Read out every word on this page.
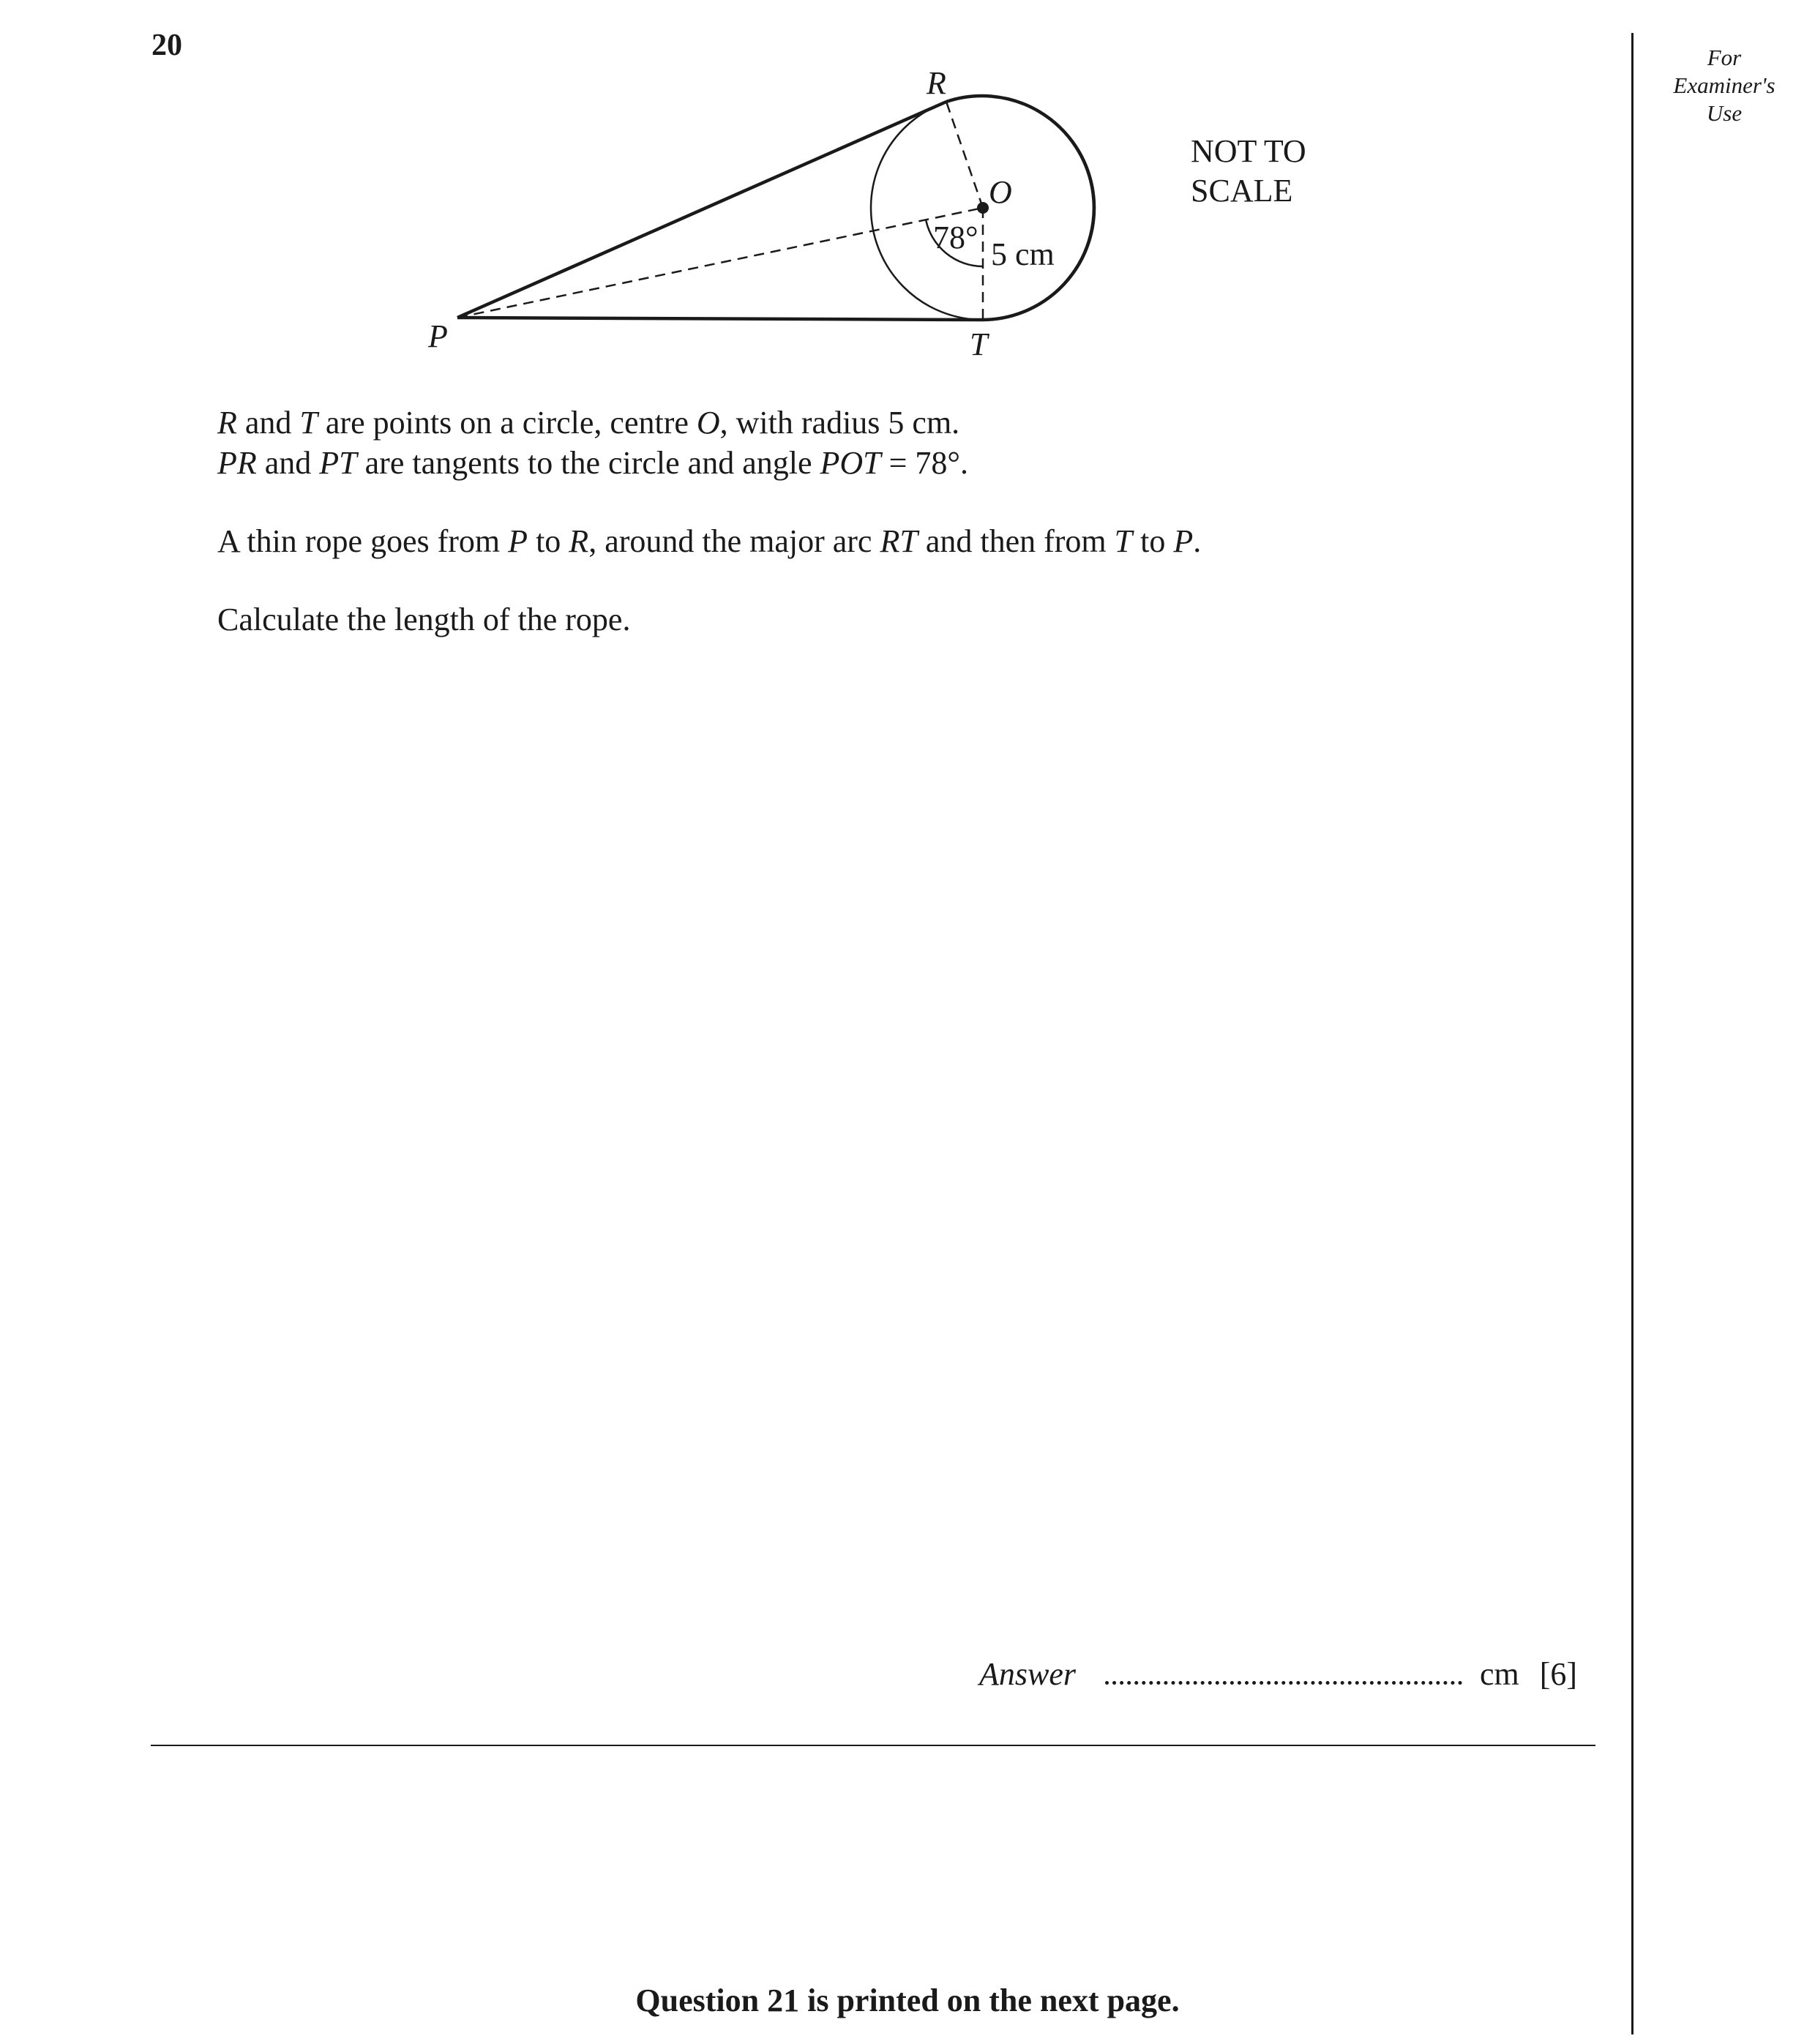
20	For
Examiner's
Use
R
O
P	T
78° 5 cm
NOT TO
SCALE

R and T are points on a circle, centre O, with radius 5 cm.

PR and PT are tangents to the circle and angle POT = 78°.

A thin rope goes from P to R, around the major arc RT and then from T to P.

Calculate the length of the rope.

Answer	cm [6]
Question 21 is printed on the next page.
